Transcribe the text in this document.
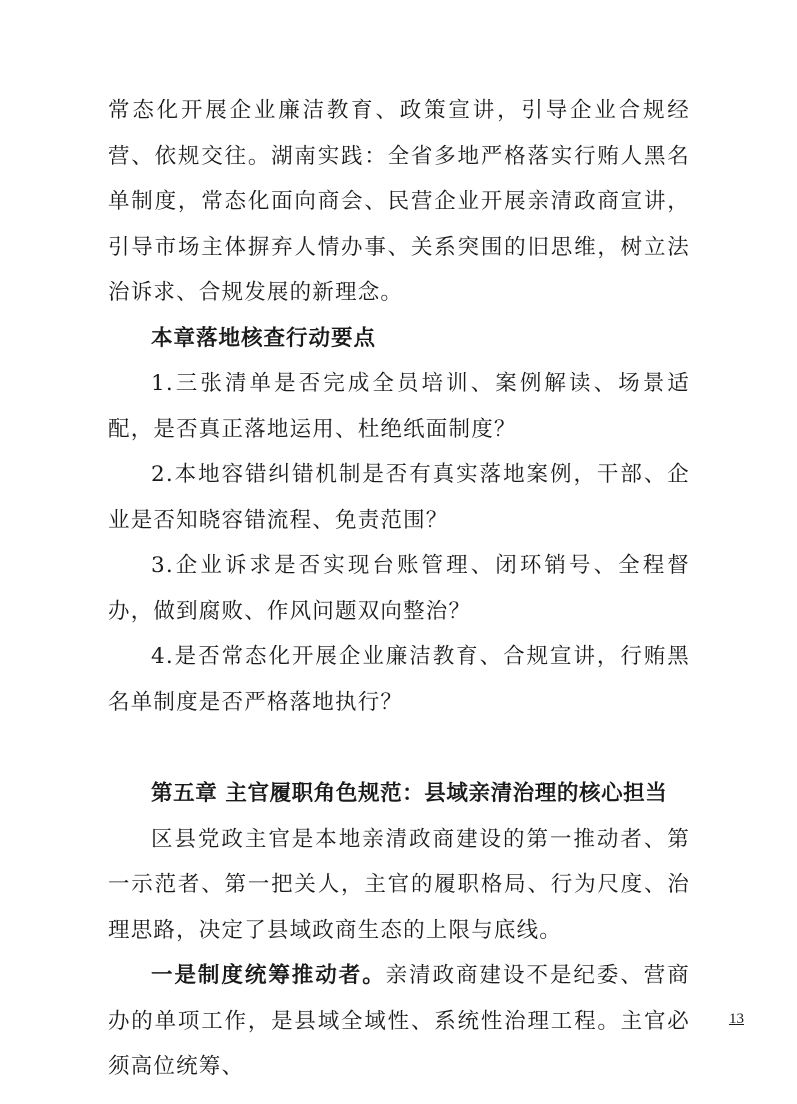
常态化开展企业廉洁教育、政策宣讲，引导企业合规经营、依规交往。湖南实践：全省多地严格落实行贿人黑名单制度，常态化面向商会、民营企业开展亲清政商宣讲，引导市场主体摒弃人情办事、关系突围的旧思维，树立法治诉求、合规发展的新理念。

本章落地核查行动要点

1.三张清单是否完成全员培训、案例解读、场景适配，是否真正落地运用、杜绝纸面制度？

2.本地容错纠错机制是否有真实落地案例，干部、企业是否知晓容错流程、免责范围？

3.企业诉求是否实现台账管理、闭环销号、全程督办，做到腐败、作风问题双向整治？

4.是否常态化开展企业廉洁教育、合规宣讲，行贿黑名单制度是否严格落地执行？

第五章 主官履职角色规范：县域亲清治理的核心担当

区县党政主官是本地亲清政商建设的第一推动者、第一示范者、第一把关人，主官的履职格局、行为尺度、治理思路，决定了县域政商生态的上限与底线。

一是制度统筹推动者。亲清政商建设不是纪委、营商办的单项工作，是县域全域性、系统性治理工程。主官必须高位统筹、

13
